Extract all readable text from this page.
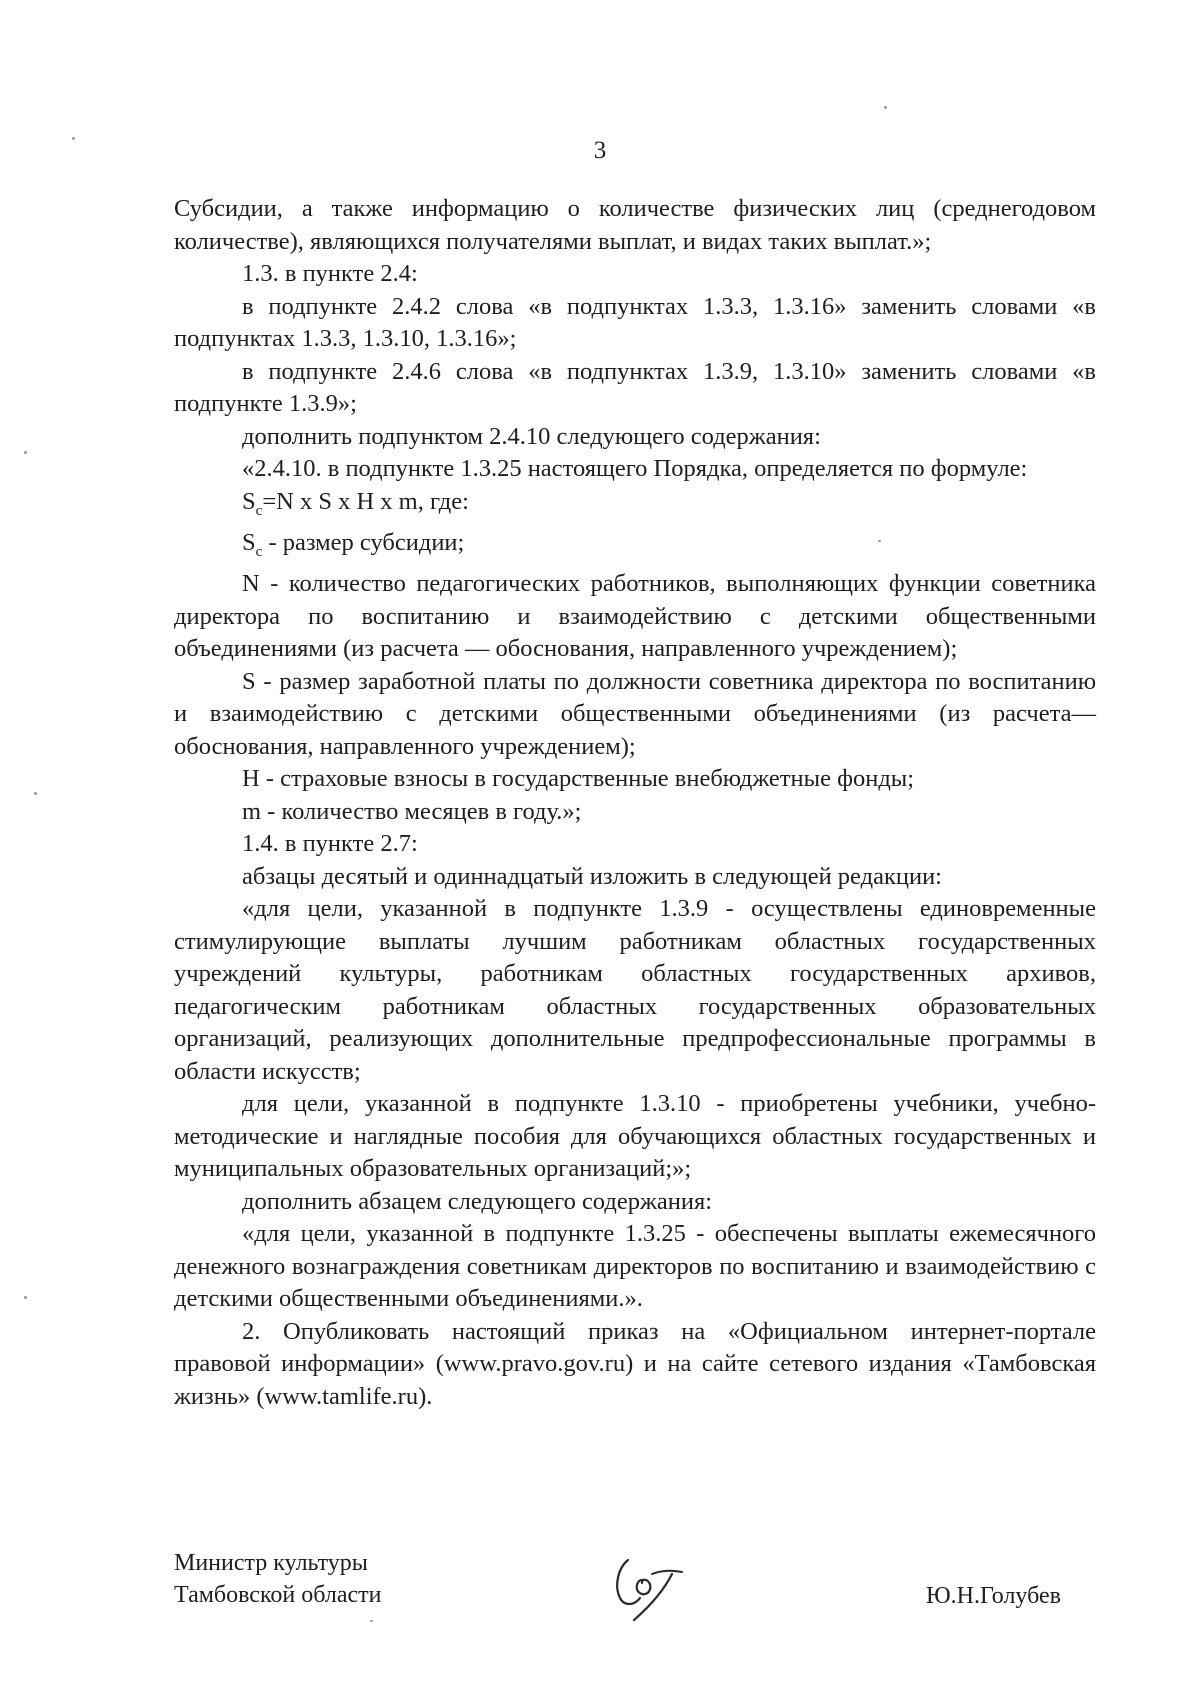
3

Субсидии, а также информацию о количестве физических лиц (среднегодовом количестве), являющихся получателями выплат, и видах таких выплат.»;

1.3. в пункте 2.4:

в подпункте 2.4.2 слова «в подпунктах 1.3.3, 1.3.16» заменить словами «в подпунктах 1.3.3, 1.3.10, 1.3.16»;

в подпункте 2.4.6 слова «в подпунктах 1.3.9, 1.3.10» заменить словами «в подпункте 1.3.9»;

дополнить подпунктом 2.4.10 следующего содержания:

«2.4.10. в подпункте 1.3.25 настоящего Порядка, определяется по формуле:

$S_с=N$ x S x H x m, где:

$S_с$ - размер субсидии;

N - количество педагогических работников, выполняющих функции советника директора по воспитанию и взаимодействию с детскими общественными объединениями (из расчета — обоснования, направленного учреждением);

S - размер заработной платы по должности советника директора по воспитанию и взаимодействию с детскими общественными объединениями (из расчета—обоснования, направленного учреждением);

H - страховые взносы в государственные внебюджетные фонды;

m - количество месяцев в году.»;

1.4. в пункте 2.7:

абзацы десятый и одиннадцатый изложить в следующей редакции:

«для цели, указанной в подпункте 1.3.9 - осуществлены единовременные стимулирующие выплаты лучшим работникам областных государственных учреждений культуры, работникам областных государственных архивов, педагогическим работникам областных государственных образовательных организаций, реализующих дополнительные предпрофессиональные программы в области искусств;

для цели, указанной в подпункте 1.3.10 - приобретены учебники, учебно-методические и наглядные пособия для обучающихся областных государственных и муниципальных образовательных организаций;»;

дополнить абзацем следующего содержания:

«для цели, указанной в подпункте 1.3.25 - обеспечены выплаты ежемесячного денежного вознаграждения советникам директоров по воспитанию и взаимодействию с детскими общественными объединениями.».

2. Опубликовать настоящий приказ на «Официальном интернет-портале правовой информации» (www.pravo.gov.ru) и на сайте сетевого издания «Тамбовская жизнь» (www.tamlife.ru).

Министр культуры
Тамбовской области	Ю.Н.Голубев
